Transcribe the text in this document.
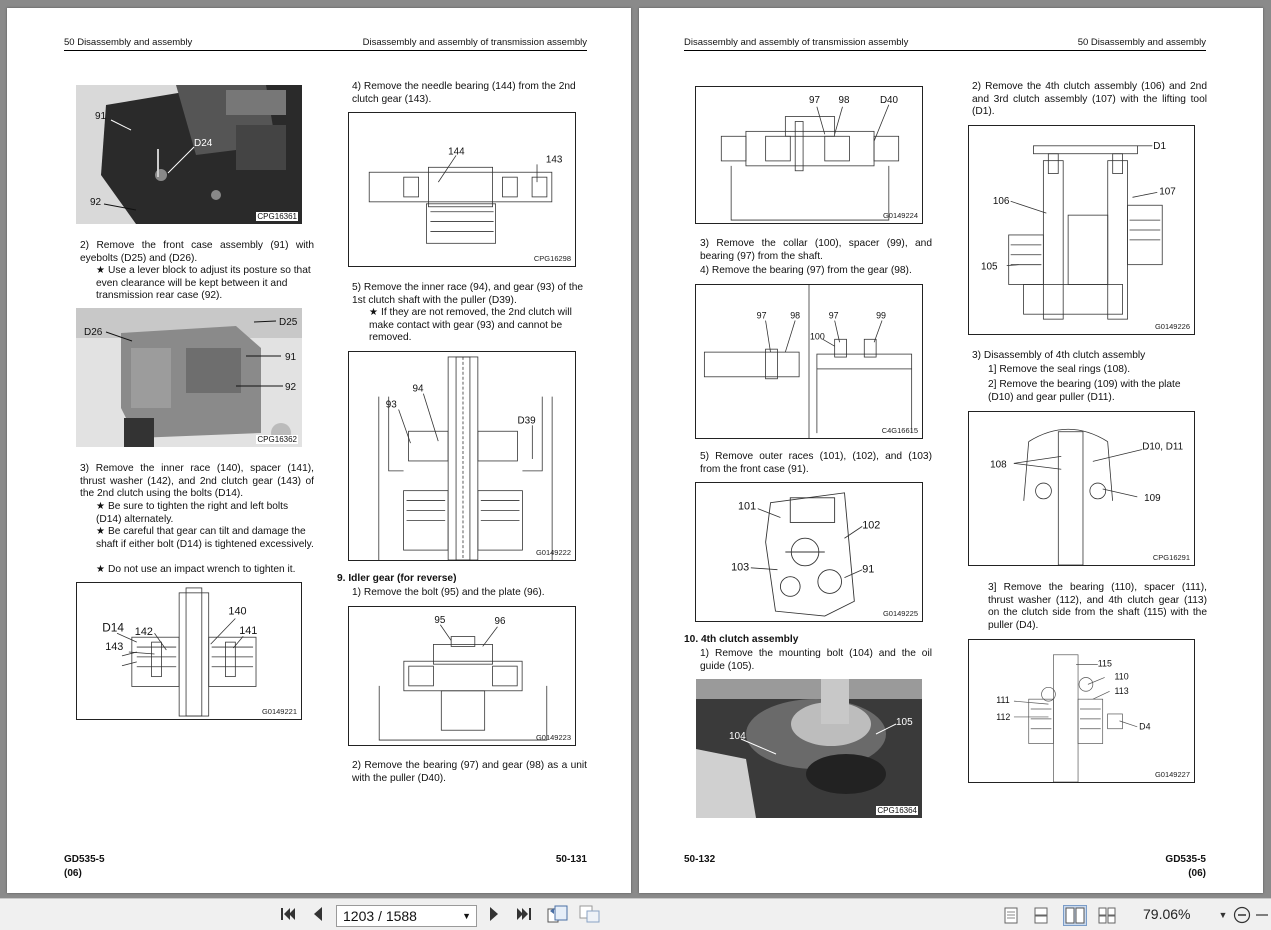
50 Disassembly and assembly	Disassembly and assembly of transmission assembly
91
D24
92
CPG16361
2) Remove the front case assembly (91) with eyebolts (D25) and (D26).
★ Use a lever block to adjust its posture so that even clearance will be kept between it and transmission rear case (92).
D26
D25
91
92
CPG16362
3) Remove the inner race (140), spacer (141), thrust washer (142), and 2nd clutch gear (143) of the 2nd clutch using the bolts (D14).
★ Be sure to tighten the right and left bolts (D14) alternately.
★ Be careful that gear can tilt and damage the shaft if either bolt (D14) is tightened excessively.
★ Do not use an impact wrench to tighten it.
D14 142
140
143
141
G0149221
4) Remove the needle bearing (144) from the 2nd clutch gear (143).
144
143
CPG16298
5) Remove the inner race (94), and gear (93) of the 1st clutch shaft with the puller (D39).
★ If they are not removed, the 2nd clutch will make contact with gear (93) and cannot be removed.
94
93
D39
G0149222
9. Idler gear (for reverse)
1) Remove the bolt (95) and the plate (96).
95	96
G0149223
2) Remove the bearing (97) and gear (98) as a unit with the puller (D40).
GD535-5
(06)
50-131
Disassembly and assembly of transmission assembly	50 Disassembly and assembly
97 98	D40
G0149224
3) Remove the collar (100), spacer (99), and bearing (97) from the shaft.
4) Remove the bearing (97) from the gear (98).
97	98	97	99
100
C4G16615
5) Remove outer races (101), (102), and (103) from the front case (91).
101
102
103	91
G0149225
10. 4th clutch assembly
1) Remove the mounting bolt (104) and the oil guide (105).
104
105
CPG16364
2) Remove the 4th clutch assembly (106) and 2nd and 3rd clutch assembly (107) with the lifting tool (D1).
D1
107
106
105
G0149226
3) Disassembly of 4th clutch assembly
1] Remove the seal rings (108).
2] Remove the bearing (109) with the plate (D10) and gear puller (D11).
D10, D11
108
109
CPG16291
3] Remove the bearing (110), spacer (111), thrust washer (112), and 4th clutch gear (113) on the clutch side from the shaft (115) with the puller (D4).
115
110
113
111
112
D4
G0149227
50-132	GD535-5
(06)
1203 / 1588	▼	79.06%	▼
